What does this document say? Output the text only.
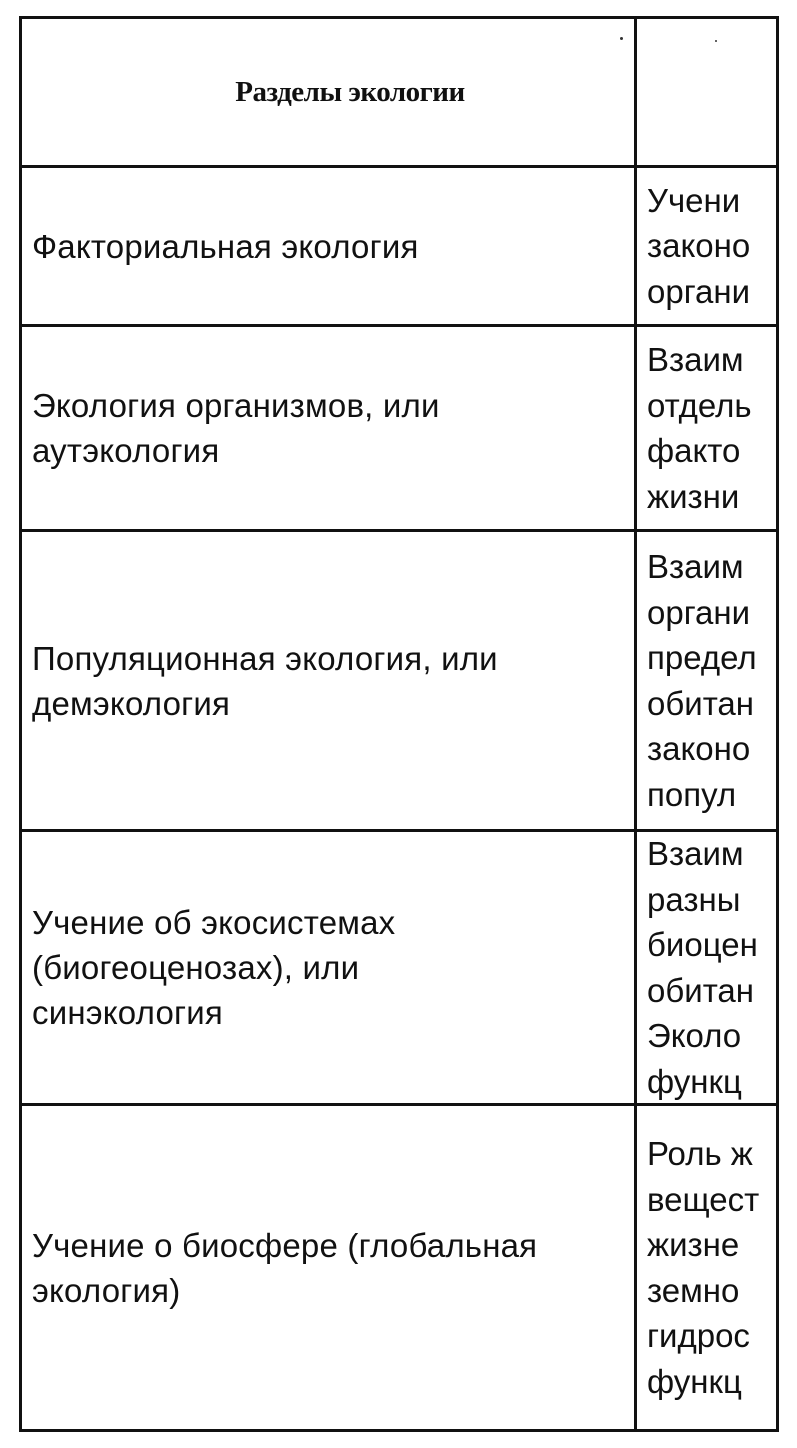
Разделы экологии
Факториальная экология
Учени
законо
органи
Экология организмов, или
аутэкология
Взаим
отдель
факто
жизни
Популяционная экология, или
демэкология
Взаим
органи
предел
обитан
законо
попул
Учение об экосистемах
(биогеоценозах), или
синэкология
Взаим
разны
биоцен
обитан
Эколо
функц
Учение о биосфере (глобальная
экология)
Роль ж
вещест
жизне
земно
гидрос
функц
